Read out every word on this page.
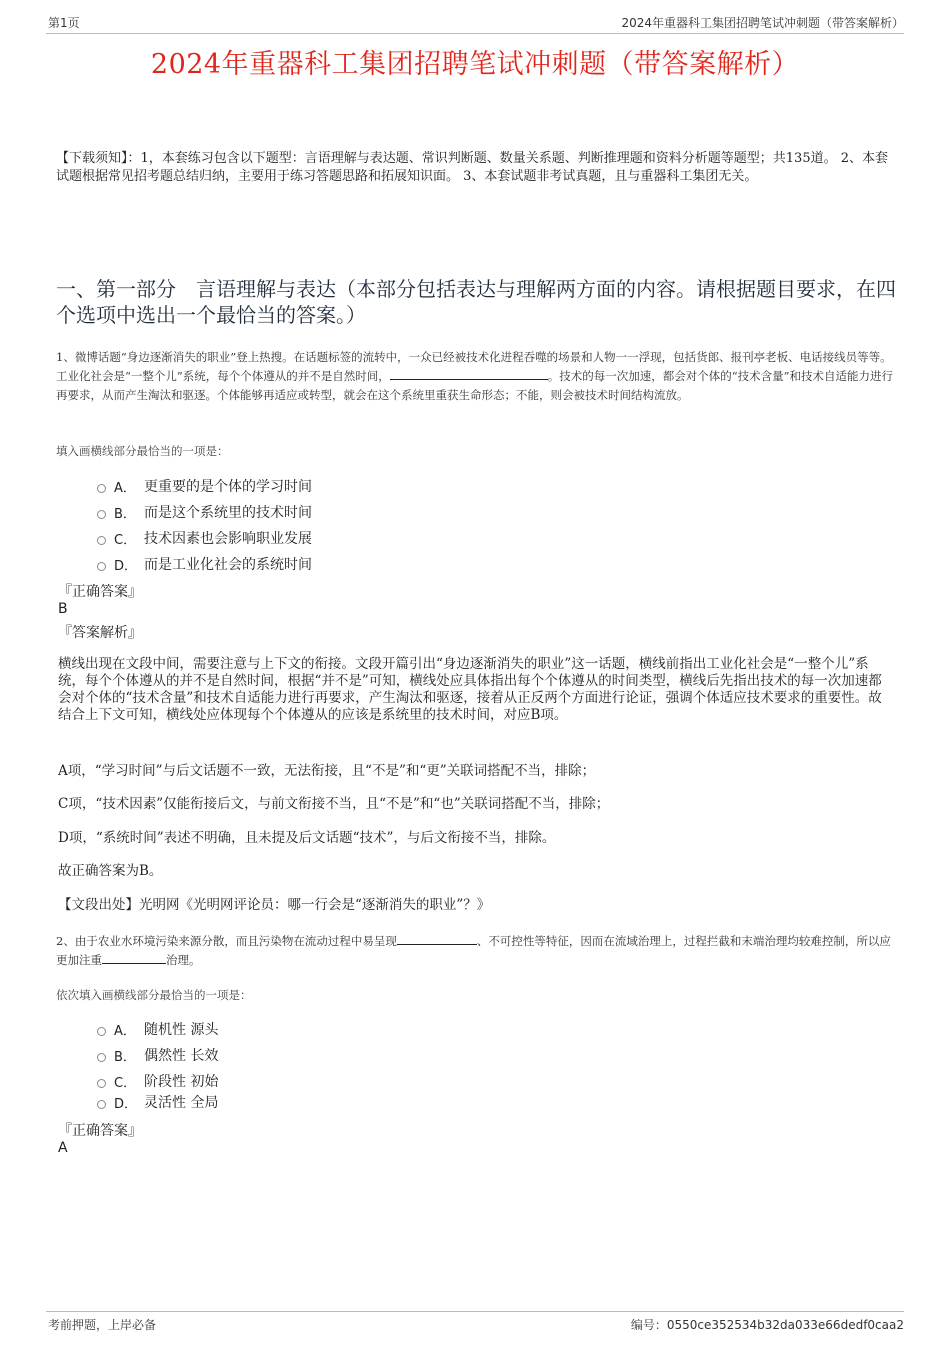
第1页	2024年重器科工集团招聘笔试冲刺题（带答案解析）
2024年重器科工集团招聘笔试冲刺题（带答案解析）
【下载须知】：1，本套练习包含以下题型：言语理解与表达题、常识判断题、数量关系题、判断推理题和资料分析题等题型；共135道。 2、本套试题根据常见招考题总结归纳，主要用于练习答题思路和拓展知识面。 3、本套试题非考试真题，且与重器科工集团无关。
一、第一部分　言语理解与表达（本部分包括表达与理解两方面的内容。请根据题目要求，在四个选项中选出一个最恰当的答案。）
1、微博话题“身边逐渐消失的职业”登上热搜。在话题标签的流转中，一众已经被技术化进程吞噬的场景和人物一一浮现，包括货郎、报刊亭老板、电话接线员等等。工业化社会是“一整个儿”系统，每个个体遵从的并不是自然时间，	。技术的每一次加速，都会对个体的“技术含量”和技术自适能力进行再要求，从而产生淘汰和驱逐。个体能够再适应或转型，就会在这个系统里重获生命形态；不能，则会被技术时间结构流放。
填入画横线部分最恰当的一项是：
A． 更重要的是个体的学习时间
B． 而是这个系统里的技术时间
C． 技术因素也会影响职业发展
D． 而是工业化社会的系统时间
『正确答案』
B
『答案解析』
横线出现在文段中间，需要注意与上下文的衔接。文段开篇引出“身边逐渐消失的职业”这一话题，横线前指出工业化社会是“一整个儿”系统，每个个体遵从的并不是自然时间，根据“并不是”可知，横线处应具体指出每个个体遵从的时间类型，横线后先指出技术的每一次加速都会对个体的“技术含量”和技术自适能力进行再要求，产生淘汰和驱逐，接着从正反两个方面进行论证，强调个体适应技术要求的重要性。故结合上下文可知，横线处应体现每个个体遵从的应该是系统里的技术时间，对应B项。
A项，“学习时间”与后文话题不一致，无法衔接，且“不是”和“更”关联词搭配不当，排除；
C项，“技术因素”仅能衔接后文，与前文衔接不当，且“不是”和“也”关联词搭配不当，排除；
D项，“系统时间”表述不明确，且未提及后文话题“技术”，与后文衔接不当，排除。
故正确答案为B。
【文段出处】光明网《光明网评论员：哪一行会是“逐渐消失的职业”？》
2、由于农业水环境污染来源分散，而且污染物在流动过程中易呈现	、不可控性等特征，因而在流域治理上，过程拦截和末端治理均较难控制，所以应更加注重	治理。
依次填入画横线部分最恰当的一项是：
A． 随机性 源头
B． 偶然性 长效
C． 阶段性 初始
D． 灵活性 全局
『正确答案』
A
考前押题，上岸必备	编号：0550ce352534b32da033e66dedf0caa2
